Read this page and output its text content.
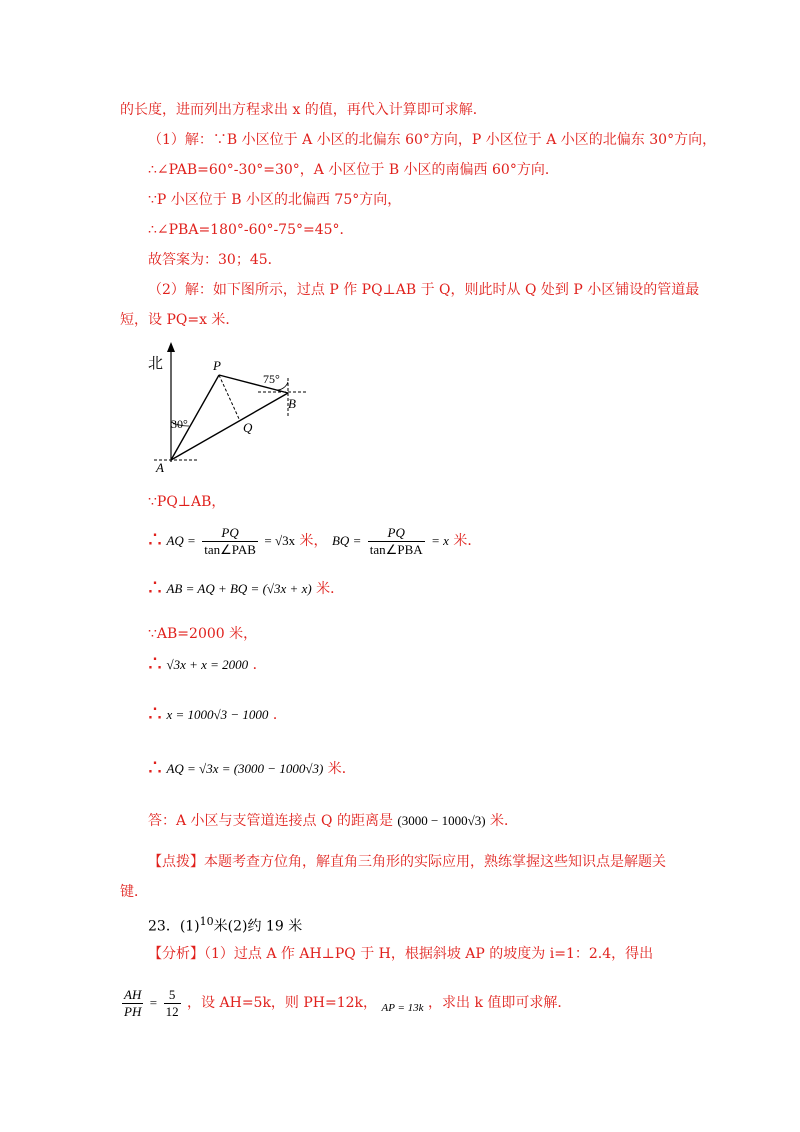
的长度，进而列出方程求出 x 的值，再代入计算即可求解．
（1）解：∵B 小区位于 A 小区的北偏东 60°方向，P 小区位于 A 小区的北偏东 30°方向，
∴∠PAB=60°-30°=30°，A 小区位于 B 小区的南偏西 60°方向．
∵P 小区位于 B 小区的北偏西 75°方向，
∴∠PBA=180°-60°-75°=45°．
故答案为：30；45．
（2）解：如下图所示，过点 P 作 PQ⊥AB 于 Q，则此时从 Q 处到 P 小区铺设的管道最
短，设 PQ=x 米．
北	P
B
Q
A
30°
75°
∵PQ⊥AB，
∴ AQ = $\frac{PQ}{\text{tan∠PAB}} = √3x$ 米， BQ = $\frac{PQ}{\text{tan∠PBA}} = x$ 米．
∴ AB = AQ + BQ = (√3x + x) 米．
∵AB=2000 米，
∴ √3x + x = 2000 ．
∴ x = 1000√3 − 1000 ．
∴ AQ = √3x = (3000 − 1000√3) 米．
答：A 小区与支管道连接点 Q 的距离是 (3000 − 1000√3) 米．
【点拨】本题考查方位角，解直角三角形的实际应用，熟练掌握这些知识点是解题关
键．
23．$(1)^{10}$米(2)约 19 米
【分析】（1）过点 A 作 AH⊥PQ 于 H，根据斜坡 AP 的坡度为 i=1：2.4，得出
$\frac{AH}{PH} = \frac{5}{12}$ ，设 AH=5k，则 PH=12k， $_{AP = 13k}$ ，求出 k 值即可求解．
